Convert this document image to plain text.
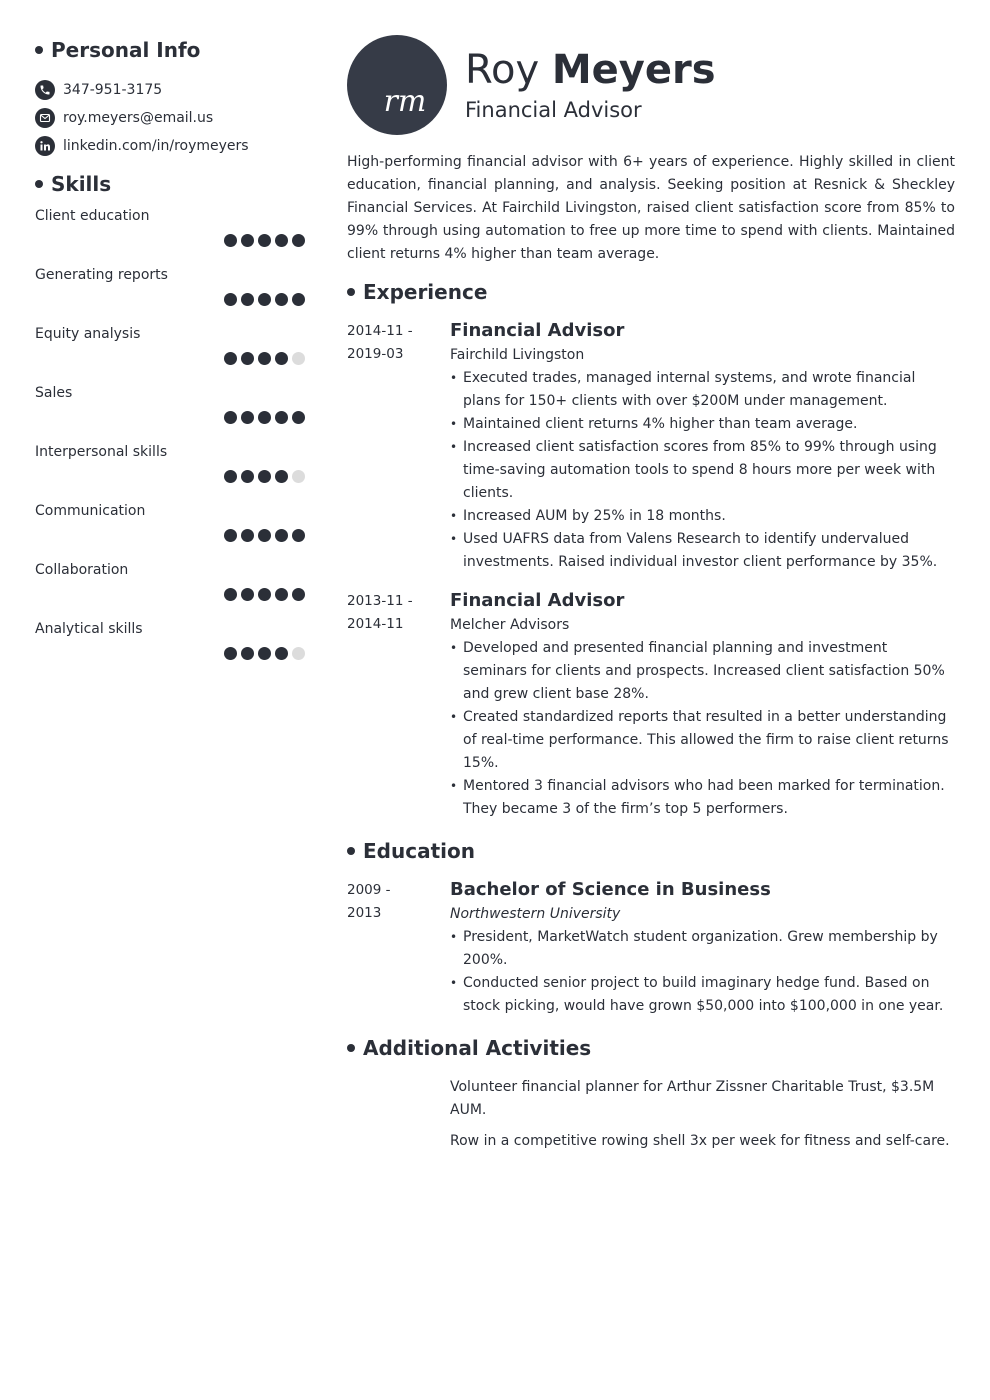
Personal Info
347-951-3175
roy.meyers@email.us
linkedin.com/in/roymeyers
Skills
Client education
Generating reports
Equity analysis
Sales
Interpersonal skills
Communication
Collaboration
Analytical skills
rm
Roy Meyers
Financial Advisor

High-performing financial advisor with 6+ years of experience. Highly skilled in client education, financial planning, and analysis. Seeking position at Resnick & Sheckley Financial Services. At Fairchild Livingston, raised client satisfaction score from 85% to 99% through using automation to free up more time to spend with clients. Maintained client returns 4% higher than team average.

Experience
2014-11 -
2019-03
Financial Advisor
Fairchild Livingston
• Executed trades, managed internal systems, and wrote financial plans for 150+ clients with over $200M under management.
• Maintained client returns 4% higher than team average.
• Increased client satisfaction scores from 85% to 99% through using time-saving automation tools to spend 8 hours more per week with clients.
• Increased AUM by 25% in 18 months.
• Used UAFRS data from Valens Research to identify undervalued investments. Raised individual investor client performance by 35%.
2013-11 -
2014-11
Financial Advisor
Melcher Advisors
• Developed and presented financial planning and investment seminars for clients and prospects. Increased client satisfaction 50% and grew client base 28%.
• Created standardized reports that resulted in a better understanding of real-time performance. This allowed the firm to raise client returns 15%.
• Mentored 3 financial advisors who had been marked for termination. They became 3 of the firm’s top 5 performers.
Education
2009 -
2013
Bachelor of Science in Business
Northwestern University
• President, MarketWatch student organization. Grew membership by 200%.
• Conducted senior project to build imaginary hedge fund. Based on stock picking, would have grown $50,000 into $100,000 in one year.
Additional Activities

Volunteer financial planner for Arthur Zissner Charitable Trust, $3.5M AUM.

Row in a competitive rowing shell 3x per week for fitness and self-care.
